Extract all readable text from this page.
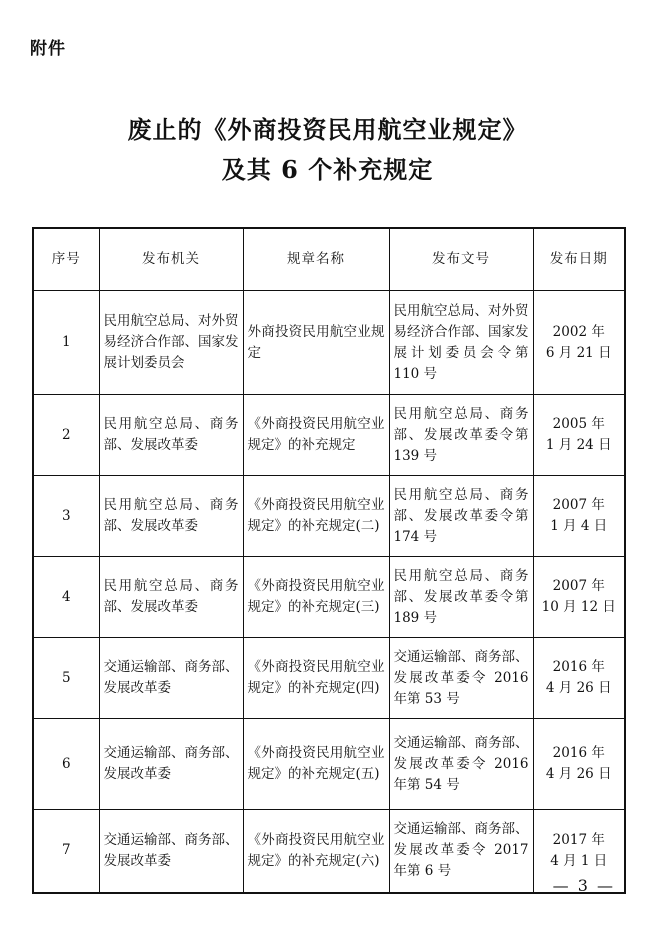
附件
废止的《外商投资民用航空业规定》
及其 6 个补充规定
序号	发布机关	规章名称	发布文号	发布日期

1	民用航空总局、对外贸易经济合作部、国家发展计划委员会	外商投资民用航空业规定	民用航空总局、对外贸易经济合作部、国家发展计划委员会令第 110 号	2002 年
6 月 21 日

2	民用航空总局、商务部、发展改革委	《外商投资民用航空业规定》的补充规定	民用航空总局、商务部、发展改革委令第 139 号	2005 年
1 月 24 日

3	民用航空总局、商务部、发展改革委	《外商投资民用航空业规定》的补充规定(二)	民用航空总局、商务部、发展改革委令第 174 号	2007 年
1 月 4 日

4	民用航空总局、商务部、发展改革委	《外商投资民用航空业规定》的补充规定(三)	民用航空总局、商务部、发展改革委令第 189 号	2007 年
10 月 12 日

5	交通运输部、商务部、发展改革委	《外商投资民用航空业规定》的补充规定(四)	交通运输部、商务部、发展改革委令 2016 年第 53 号	2016 年
4 月 26 日

6	交通运输部、商务部、发展改革委	《外商投资民用航空业规定》的补充规定(五)	交通运输部、商务部、发展改革委令 2016 年第 54 号	2016 年
4 月 26 日

7	交通运输部、商务部、发展改革委	《外商投资民用航空业规定》的补充规定(六)	交通运输部、商务部、发展改革委令 2017 年第 6 号	2017 年
4 月 1 日
— 3 —
